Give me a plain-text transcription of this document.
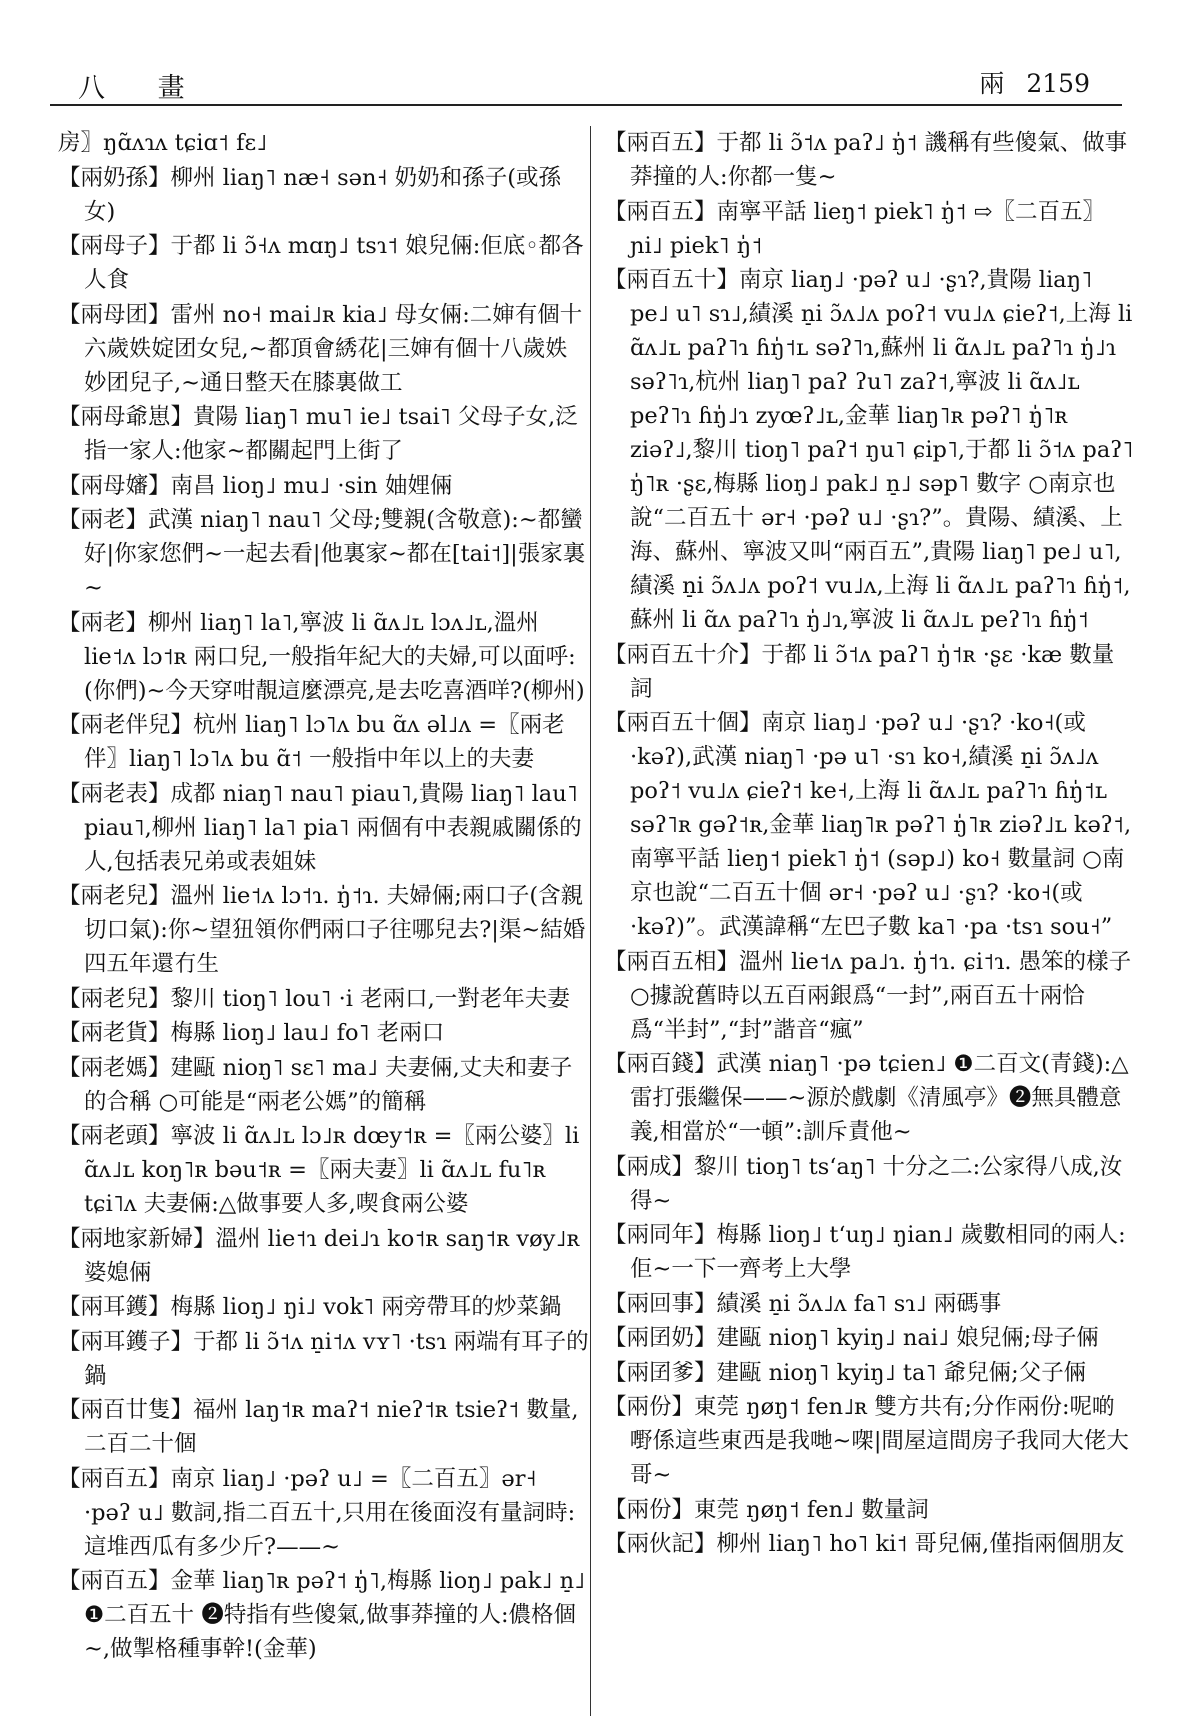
八 畫	兩 2159
房〗ŋɑ̃ʌɿʌ tɕiɑ˦ fɛ˩
【兩奶孫】柳州 liaŋ˥ næ˧ sən˧ 奶奶和孫子(或孫女)
【兩母子】于都 li ɔ̃˧ʌ mɑŋ˩ tsɿ˦ 娘兒倆:佢底◦都各人食
【兩母团】雷州 no˧ mai˩ʀ kia˩ 母女倆:二婶有個十六歲妷婝团女兒,~都頂會綉花|三婶有個十八歲妷妙团兒子,~通日整天在膝裏做工
【兩母爺崽】貴陽 liaŋ˥ mu˥ ie˩ tsai˥ 父母子女,泛指一家人:他家~都關起門上街了
【兩母嬸】南昌 lioŋ˩ mu˩ ·sin 妯娌倆
【兩老】武漢 niaŋ˥ nau˥ 父母;雙親(含敬意):~都蠻好|你家您們~一起去看|他裏家~都在[tai˦]|張家裏~
【兩老】柳州 liaŋ˥ la˥,寧波 li ɑ̃ʌ˩ʟ lɔʌ˩ʟ,溫州 lie˦ʌ lɔ˦ʀ 兩口兒,一般指年紀大的夫婦,可以面呼:(你們)~今天穿咁靚這麼漂亮,是去吃喜酒咩?(柳州)
【兩老伴兒】杭州 liaŋ˥ lɔ˥ʌ bu ɑ̃ʌ əl˩ʌ =〖兩老伴〗liaŋ˥ lɔ˥ʌ bu ɑ̃˦ 一般指中年以上的夫妻
【兩老表】成都 niaŋ˥ nau˥ piau˥,貴陽 liaŋ˥ lau˥ piau˥,柳州 liaŋ˥ la˥ pia˥ 兩個有中表親戚關係的人,包括表兄弟或表姐妹
【兩老兒】溫州 lie˦ʌ lɔ˦ɿ. ŋ̍˦ɿ. 夫婦倆;兩口子(含親切口氣):你~望狃領你們兩口子往哪兒去?|渠~結婚四五年還冇生
【兩老兒】黎川 tioŋ˥ lou˥ ·i 老兩口,一對老年夫妻
【兩老貨】梅縣 lioŋ˩ lau˩ fo˥ 老兩口
【兩老媽】建甌 nioŋ˥ sɛ˥ ma˩ 夫妻倆,丈夫和妻子的合稱 ○可能是“兩老公媽”的簡稱
【兩老頭】寧波 li ɑ̃ʌ˩ʟ lɔ˩ʀ dœy˦ʀ =〖兩公婆〗li ɑ̃ʌ˩ʟ koŋ˥ʀ bəu˦ʀ =〖兩夫妻〗li ɑ̃ʌ˩ʟ fu˥ʀ tɕi˥ʌ 夫妻倆:△做事要人多,喫食兩公婆
【兩地家新婦】溫州 lie˦ɿ dei˩ɿ ko˦ʀ saŋ˦ʀ vøy˩ʀ 婆媳倆
【兩耳鑊】梅縣 lioŋ˩ ŋi˩ vok˥ 兩旁帶耳的炒菜鍋
【兩耳鑊子】于都 li ɔ̃˦ʌ n̠i˦ʌ vʏ˥ ·tsɿ 兩端有耳子的鍋
【兩百廿隻】福州 laŋ˦ʀ maʔ˦ nieʔ˦ʀ tsieʔ˦ 數量,二百二十個
【兩百五】南京 liaŋ˩ ·pəʔ u˩ =〖二百五〗ər˧ ·pəʔ u˩ 數詞,指二百五十,只用在後面沒有量詞時:這堆西瓜有多少斤?——~
【兩百五】金華 liaŋ˥ʀ pəʔ˦ ŋ̍˥,梅縣 lioŋ˩ pak˩ n̠˩ ❶二百五十 ❷特指有些傻氣,做事莽撞的人:儂格個~,做掣格種事幹!(金華)
【兩百五】于都 li ɔ̃˦ʌ paʔ˩ ŋ̍˦ 譏稱有些傻氣、做事莽撞的人:你都一隻~
【兩百五】南寧平話 lieŋ˦ piek˥ ŋ̍˦ ⇨〖二百五〗ɲi˩ piek˥ ŋ̍˦
【兩百五十】南京 liaŋ˩ ·pəʔ u˩ ·ʂɿ?,貴陽 liaŋ˥ pe˩ u˥ sɿ˩,績溪 n̠i ɔ̃ʌ˩ʌ poʔ˦ vu˩ʌ ɕieʔ˦,上海 li ɑ̃ʌ˩ʟ paʔ˥ɿ ɦŋ̍˦ʟ səʔ˥ɿ,蘇州 li ɑ̃ʌ˩ʟ paʔ˥ɿ ŋ̍˩ɿ səʔ˥ɿ,杭州 liaŋ˥ paʔ ʔu˥ zaʔ˦,寧波 li ɑ̃ʌ˩ʟ peʔ˥ɿ ɦŋ̍˩ɿ zyœʔ˩ʟ,金華 liaŋ˥ʀ pəʔ˥ ŋ̍˥ʀ ziəʔ˩,黎川 tioŋ˥ paʔ˦ ŋu˥ ɕip˥,于都 li ɔ̃˦ʌ paʔ˥ ŋ̍˥ʀ ·ʂɛ,梅縣 lioŋ˩ pak˩ n̠˩ səp˥ 數字 ○南京也說“二百五十 ər˧ ·pəʔ u˩ ·ʂɿ?”。貴陽、績溪、上海、蘇州、寧波又叫“兩百五”,貴陽 liaŋ˥ pe˩ u˥,績溪 n̠i ɔ̃ʌ˩ʌ poʔ˦ vu˩ʌ,上海 li ɑ̃ʌ˩ʟ paʔ˥ɿ ɦŋ̍˦,蘇州 li ɑ̃ʌ paʔ˥ɿ ŋ̍˩ɿ,寧波 li ɑ̃ʌ˩ʟ peʔ˥ɿ ɦŋ̍˦
【兩百五十介】于都 li ɔ̃˦ʌ paʔ˥ ŋ̍˦ʀ ·ʂɛ ·kæ 數量詞
【兩百五十個】南京 liaŋ˩ ·pəʔ u˩ ·ʂɿ? ·ko˧(或·kəʔ),武漢 niaŋ˥ ·pə u˥ ·sɿ ko˧,績溪 n̠i ɔ̃ʌ˩ʌ poʔ˦ vu˩ʌ ɕieʔ˦ ke˧,上海 li ɑ̃ʌ˩ʟ paʔ˥ɿ ɦŋ̍˦ʟ səʔ˥ʀ gəʔ˦ʀ,金華 liaŋ˥ʀ pəʔ˥ ŋ̍˥ʀ ziəʔ˩ʟ kəʔ˦,南寧平話 lieŋ˦ piek˥ ŋ̍˦ (səp˩) ko˧ 數量詞 ○南京也說“二百五十個 ər˧ ·pəʔ u˩ ·ʂɿ? ·ko˧(或·kəʔ)”。武漢諱稱“左巴子數 ka˥ ·pa ·tsɿ sou˧”
【兩百五相】溫州 lie˦ʌ pa˩ɿ. ŋ̍˦ɿ. ɕi˦ɿ. 愚笨的樣子 ○據說舊時以五百兩銀爲“一封”,兩百五十兩恰爲“半封”,“封”諧音“瘋”
【兩百錢】武漢 niaŋ˥ ·pə tɕien˩ ❶二百文(青錢):△雷打張繼保——~源於戲劇《清風亭》❷無具體意義,相當於“一頓”:訓斥責他~
【兩成】黎川 tioŋ˥ tsʻaŋ˥ 十分之二:公家得八成,汝得~
【兩同年】梅縣 lioŋ˩ tʻuŋ˩ ŋian˩ 歲數相同的兩人:佢~一下一齊考上大學
【兩回事】績溪 n̠i ɔ̃ʌ˩ʌ fa˥ sɿ˩ 兩碼事
【兩囝奶】建甌 nioŋ˥ kyiŋ˩ nai˩ 娘兒倆;母子倆
【兩囝爹】建甌 nioŋ˥ kyiŋ˩ ta˥ 爺兒倆;父子倆
【兩份】東莞 ŋøŋ˦ fen˩ʀ 雙方共有;分作兩份:呢啲嘢係這些東西是我哋~㗎|間屋這間房子我同大佬大哥~
【兩份】東莞 ŋøŋ˦ fen˩ 數量詞
【兩伙記】柳州 liaŋ˥ ho˥ ki˦ 哥兒倆,僅指兩個朋友
